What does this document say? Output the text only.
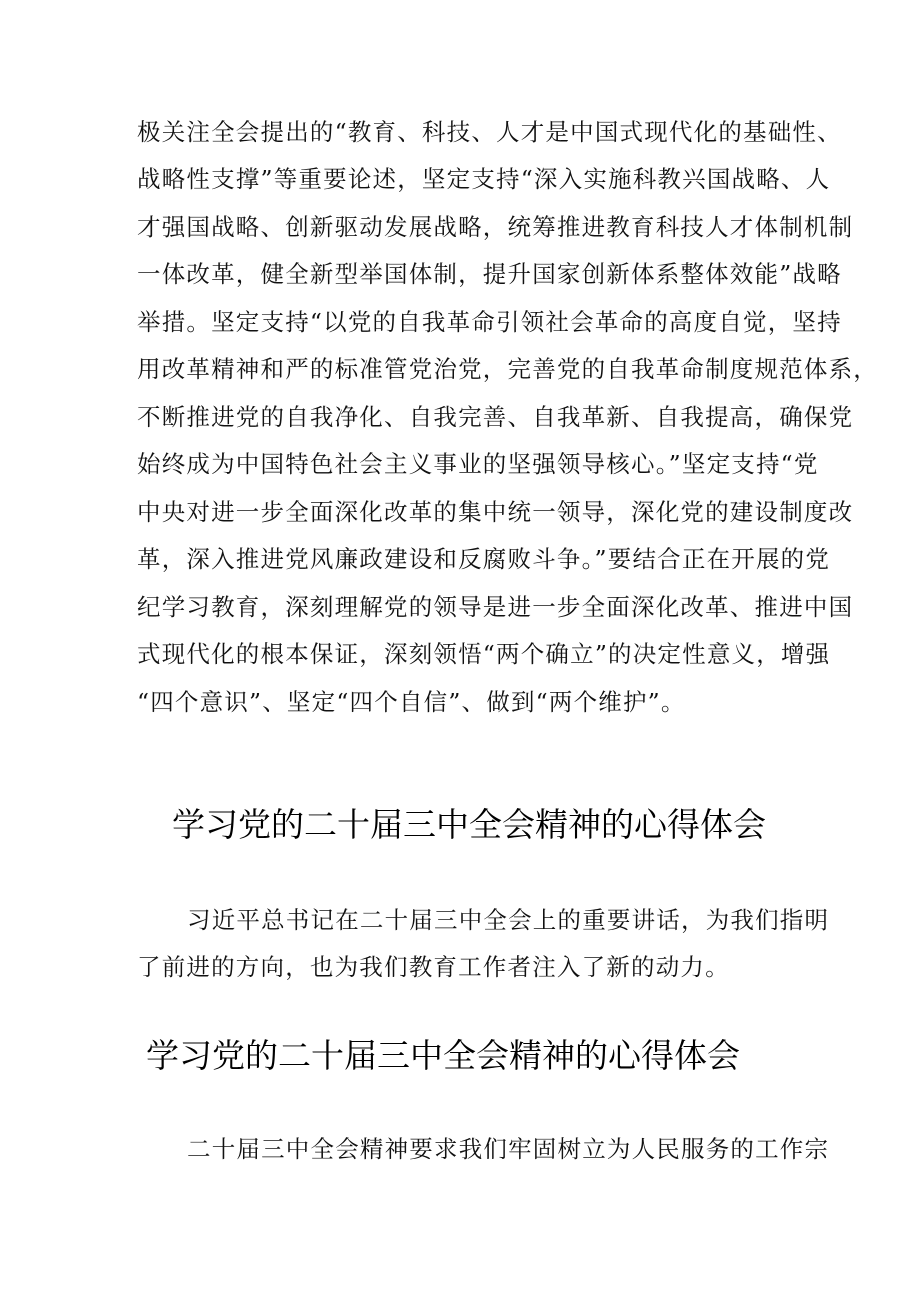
极关注全会提出的“教育、科技、人才是中国式现代化的基础性、
战略性支撑”等重要论述，坚定支持“深入实施科教兴国战略、人
才强国战略、创新驱动发展战略，统筹推进教育科技人才体制机制
一体改革，健全新型举国体制，提升国家创新体系整体效能”战略
举措。坚定支持“以党的自我革命引领社会革命的高度自觉，坚持
用改革精神和严的标准管党治党，完善党的自我革命制度规范体系，
不断推进党的自我净化、自我完善、自我革新、自我提高，确保党
始终成为中国特色社会主义事业的坚强领导核心。”坚定支持“党
中央对进一步全面深化改革的集中统一领导，深化党的建设制度改
革，深入推进党风廉政建设和反腐败斗争。”要结合正在开展的党
纪学习教育，深刻理解党的领导是进一步全面深化改革、推进中国
式现代化的根本保证，深刻领悟“两个确立”的决定性意义，增强
“四个意识”、坚定“四个自信”、做到“两个维护”。
学习党的二十届三中全会精神的心得体会
习近平总书记在二十届三中全会上的重要讲话，为我们指明
了前进的方向，也为我们教育工作者注入了新的动力。
学习党的二十届三中全会精神的心得体会
二十届三中全会精神要求我们牢固树立为人民服务的工作宗
